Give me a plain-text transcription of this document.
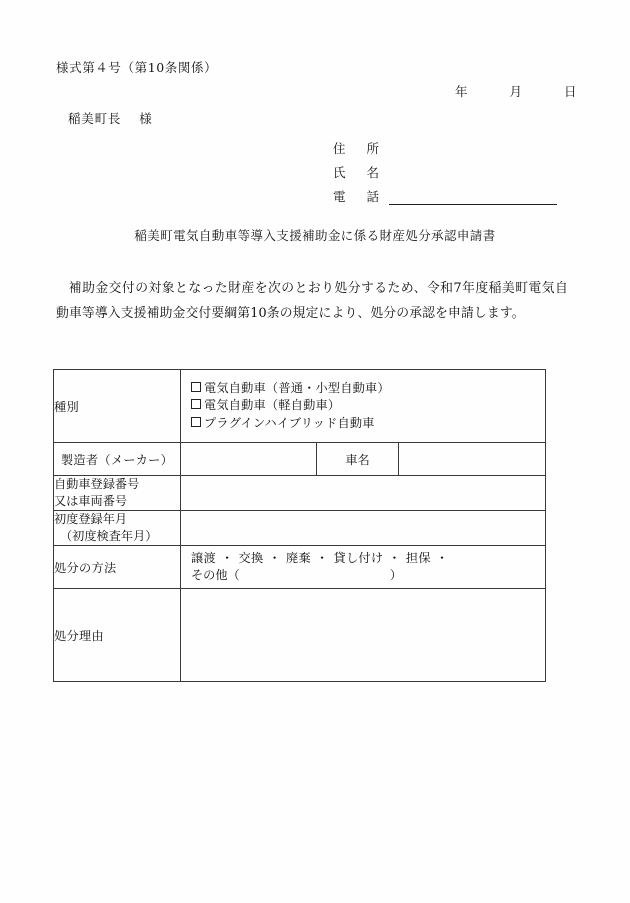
様式第４号（第10条関係）
年	月	日
稲美町長 様
住 所
氏 名
電 話
稲美町電気自動車等導入支援補助金に係る財産処分承認申請書
補助金交付の対象となった財産を次のとおり処分するため、令和7年度稲美町電気自動車等導入支援補助金交付要綱第10条の規定により、処分の承認を申請します。
種別	電気自動車（普通・小型自動車）
電気自動車（軽自動車）
プラグインハイブリッド自動車		

製造者（メーカー）		車名	

自動車登録番号
又は車両番号			

初度登録年月
（初度検査年月）			

処分の方法	譲渡 ・ 交換 ・ 廃棄 ・ 貸し付け ・ 担保 ・
その他（ ）		

処分理由			
